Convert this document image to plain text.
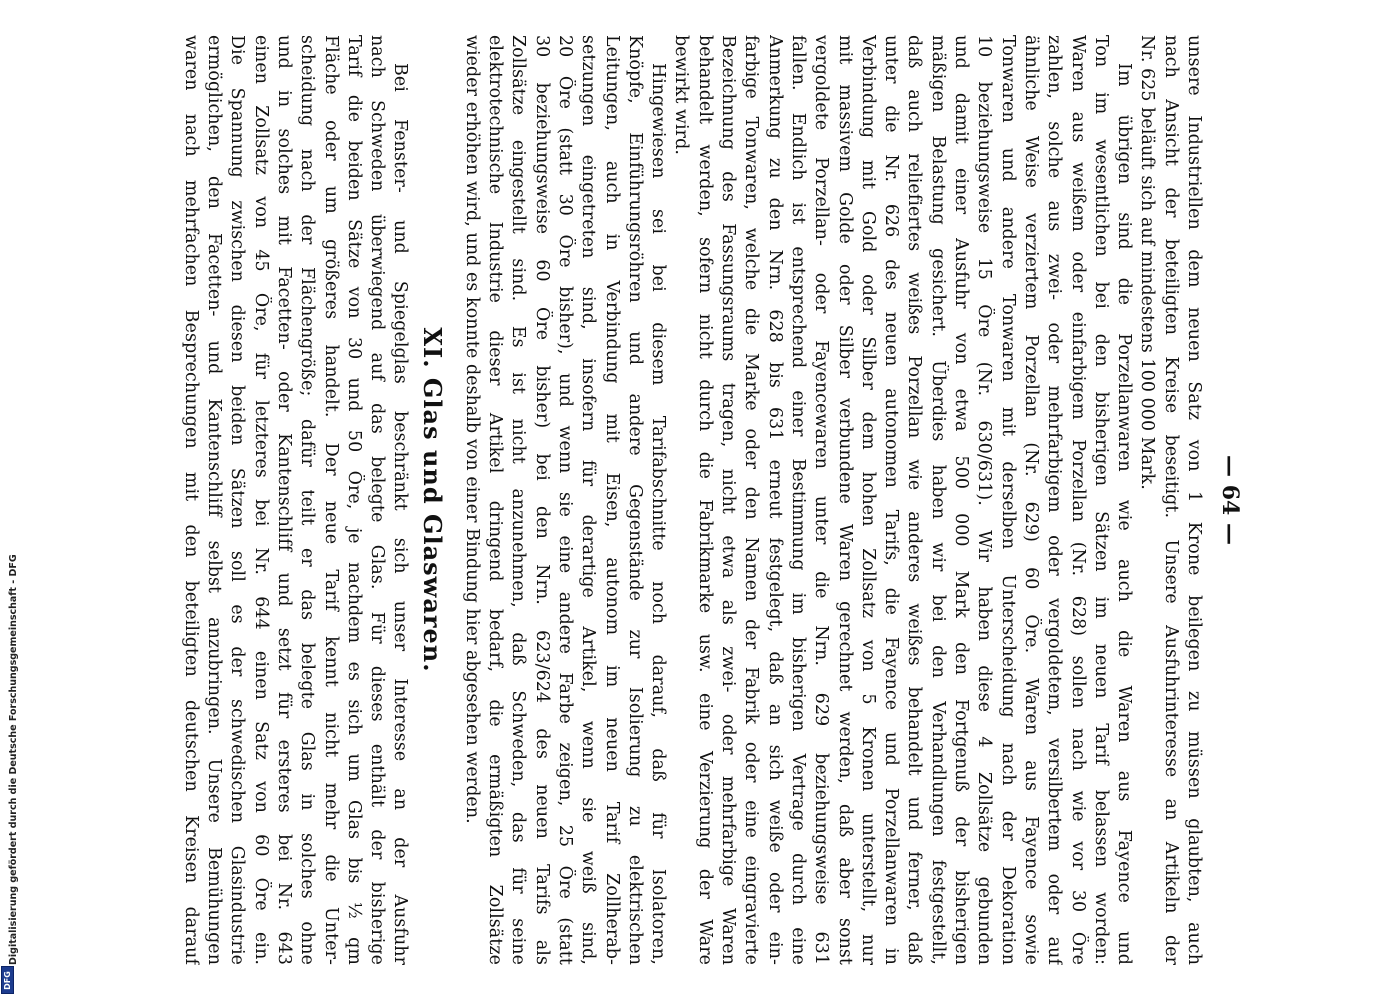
— 64 —
unsere Industriellen dem neuen Satz von 1 Krone beilegen zu müssen glaubten, auch
nach Ansicht der beteiligten Kreise beseitigt. Unsere Ausfuhrinteresse an Artikeln der
Nr. 625 beläuft sich auf mindestens 100 000 Mark.
Im übrigen sind die Porzellanwaren wie auch die Waren aus Fayence und
Ton im wesentlichen bei den bisherigen Sätzen im neuen Tarif belassen worden:
Waren aus weißem oder einfarbigem Porzellan (Nr. 628) sollen nach wie vor 30 Öre
zahlen, solche aus zwei- oder mehrfarbigem oder vergoldetem, versilbertem oder auf
ähnliche Weise verziertem Porzellan (Nr. 629) 60 Öre. Waren aus Fayence sowie
Tonwaren und andere Tonwaren mit derselben Unterscheidung nach der Dekoration
10 beziehungsweise 15 Öre (Nr. 630/631). Wir haben diese 4 Zollsätze gebunden
und damit einer Ausfuhr von etwa 500 000 Mark den Fortgenuß der bisherigen
mäßigen Belastung gesichert. Überdies haben wir bei den Verhandlungen festgestellt,
daß auch reliefiertes weißes Porzellan wie anderes weißes behandelt und ferner, daß
unter die Nr. 626 des neuen autonomen Tarifs, die Fayence und Porzellanwaren in
Verbindung mit Gold oder Silber dem hohen Zollsatz von 5 Kronen unterstellt, nur
mit massivem Golde oder Silber verbundene Waren gerechnet werden, daß aber sonst
vergoldete Porzellan- oder Fayencewaren unter die Nrn. 629 beziehungsweise 631
fallen. Endlich ist entsprechend einer Bestimmung im bisherigen Vertrage durch eine
Anmerkung zu den Nrn. 628 bis 631 erneut festgelegt, daß an sich weiße oder ein-
farbige Tonwaren, welche die Marke oder den Namen der Fabrik oder eine eingravierte
Bezeichnung des Fassungsraums tragen, nicht etwa als zwei- oder mehrfarbige Waren
behandelt werden, sofern nicht durch die Fabrikmarke usw. eine Verzierung der Ware
bewirkt wird.
Hingewiesen sei bei diesem Tarifabschnitte noch darauf, daß für Isolatoren,
Knöpfe, Einführungsröhren und andere Gegenstände zur Isolierung zu elektrischen
Leitungen, auch in Verbindung mit Eisen, autonom im neuen Tarif Zollherab-
setzungen eingetreten sind, insofern für derartige Artikel, wenn sie weiß sind,
20 Öre (statt 30 Öre bisher), und wenn sie eine andere Farbe zeigen, 25 Öre (statt
30 beziehungsweise 60 Öre bisher) bei den Nrn. 623/624 des neuen Tarifs als
Zollsätze eingestellt sind. Es ist nicht anzunehmen, daß Schweden, das für seine
elektrotechnische Industrie dieser Artikel dringend bedarf, die ermäßigten Zollsätze
wieder erhöhen wird, und es konnte deshalb von einer Bindung hier abgesehen werden.
XI. Glas und Glaswaren.
Bei Fenster- und Spiegelglas beschränkt sich unser Interesse an der Ausfuhr
nach Schweden überwiegend auf das belegte Glas. Für dieses enthält der bisherige
Tarif die beiden Sätze von 30 und 50 Öre, je nachdem es sich um Glas bis ½ qm
Fläche oder um größeres handelt. Der neue Tarif kennt nicht mehr die Unter-
scheidung nach der Flächengröße; dafür teilt er das belegte Glas in solches ohne
und in solches mit Facetten- oder Kantenschliff und setzt für ersteres bei Nr. 643
einen Zollsatz von 45 Öre, für letzteres bei Nr. 644 einen Satz von 60 Öre ein.
Die Spannung zwischen diesen beiden Sätzen soll es der schwedischen Glasindustrie
ermöglichen, den Facetten- und Kantenschliff selbst anzubringen. Unsere Bemühungen
waren nach mehrfachen Besprechungen mit den beteiligten deutschen Kreisen darauf
Digitalisierung gefördert durch die Deutsche Forschungsgemeinschaft - DFG
DFG
